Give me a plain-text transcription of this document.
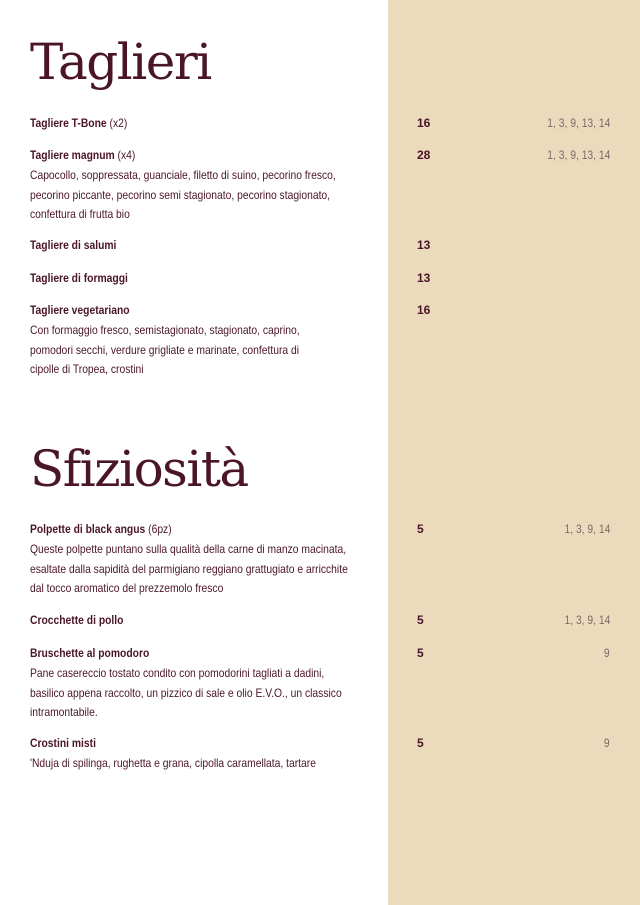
Taglieri
Tagliere T-Bone (x2)	16	1, 3, 9, 13, 14
Tagliere magnum (x4)	28	1, 3, 9, 13, 14
Capocollo, soppressata, guanciale, filetto di suino, pecorino fresco,
pecorino piccante, pecorino semi stagionato, pecorino stagionato,
confettura di frutta bio
Tagliere di salumi	13
Tagliere di formaggi	13
Tagliere vegetariano	16
Con formaggio fresco, semistagionato, stagionato, caprino,
pomodori secchi, verdure grigliate e marinate, confettura di
cipolle di Tropea, crostini
Sfiziosità
Polpette di black angus (6pz)	5	1, 3, 9, 14
Queste polpette puntano sulla qualità della carne di manzo macinata,
esaltate dalla sapidità del parmigiano reggiano grattugiato e arricchite
dal tocco aromatico del prezzemolo fresco
Crocchette di pollo	5	1, 3, 9, 14
Bruschette al pomodoro	5	9
Pane casereccio tostato condito con pomodorini tagliati a dadini,
basilico appena raccolto, un pizzico di sale e olio E.V.O., un classico
intramontabile.
Crostini misti	5	9
'Nduja di spilinga, rughetta e grana, cipolla caramellata, tartare
